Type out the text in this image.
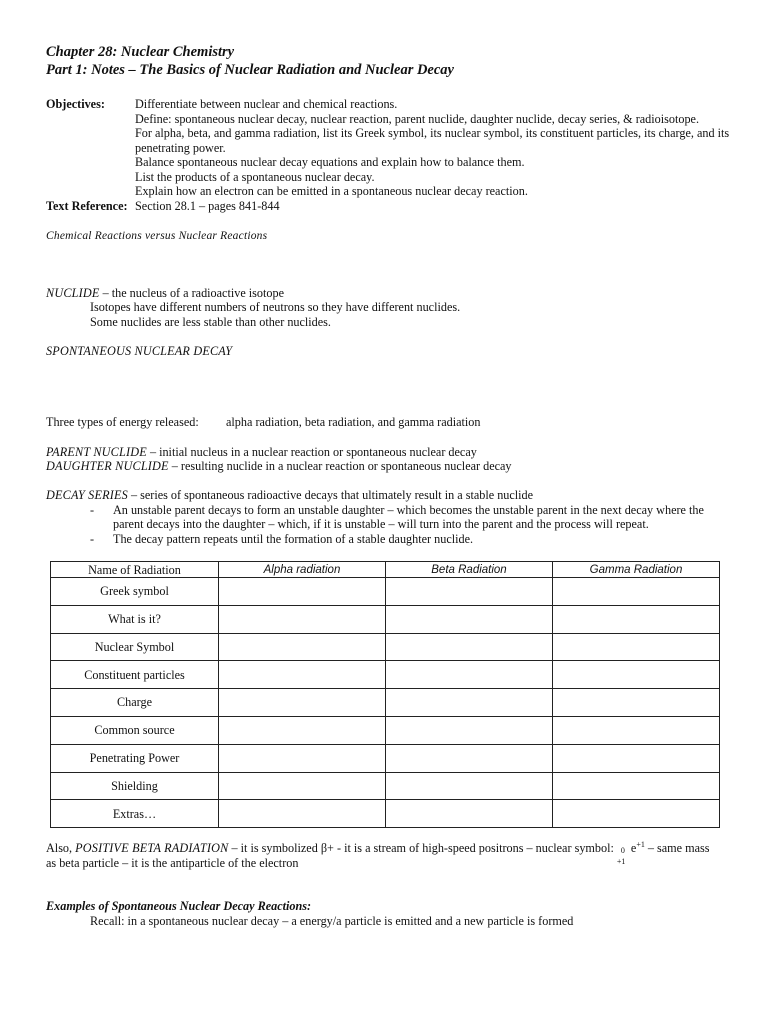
Chapter 28: Nuclear Chemistry
Part 1: Notes – The Basics of Nuclear Radiation and Nuclear Decay
Objectives: Differentiate between nuclear and chemical reactions.
Define: spontaneous nuclear decay, nuclear reaction, parent nuclide, daughter nuclide, decay series, & radioisotope.
For alpha, beta, and gamma radiation, list its Greek symbol, its nuclear symbol, its constituent particles, its charge, and its penetrating power.
Balance spontaneous nuclear decay equations and explain how to balance them.
List the products of a spontaneous nuclear decay.
Explain how an electron can be emitted in a spontaneous nuclear decay reaction.
Text Reference: Section 28.1 – pages 841-844
Chemical Reactions versus Nuclear Reactions
NUCLIDE – the nucleus of a radioactive isotope
Isotopes have different numbers of neutrons so they have different nuclides.
Some nuclides are less stable than other nuclides.
SPONTANEOUS NUCLEAR DECAY
Three types of energy released: alpha radiation, beta radiation, and gamma radiation
PARENT NUCLIDE – initial nucleus in a nuclear reaction or spontaneous nuclear decay
DAUGHTER NUCLIDE – resulting nuclide in a nuclear reaction or spontaneous nuclear decay
DECAY SERIES – series of spontaneous radioactive decays that ultimately result in a stable nuclide
- An unstable parent decays to form an unstable daughter – which becomes the unstable parent in the next decay where the
parent decays into the daughter – which, if it is unstable – will turn into the parent and the process will repeat.
- The decay pattern repeats until the formation of a stable daughter nuclide.
Name of Radiation	Alpha radiation	Beta Radiation	Gamma Radiation
Greek symbol			
What is it?			
Nuclear Symbol			
Constituent particles			
Charge			
Common source			
Penetrating Power			
Shielding			
Extras…			
Also, POSITIVE BETA RADIATION – it is symbolized β+ - it is a stream of high-speed positrons – nuclear symbol: 0
+1
$e^{+1}$ – same mass
as beta particle – it is the antiparticle of the electron
Examples of Spontaneous Nuclear Decay Reactions:
Recall: in a spontaneous nuclear decay – a energy/a particle is emitted and a new particle is formed
